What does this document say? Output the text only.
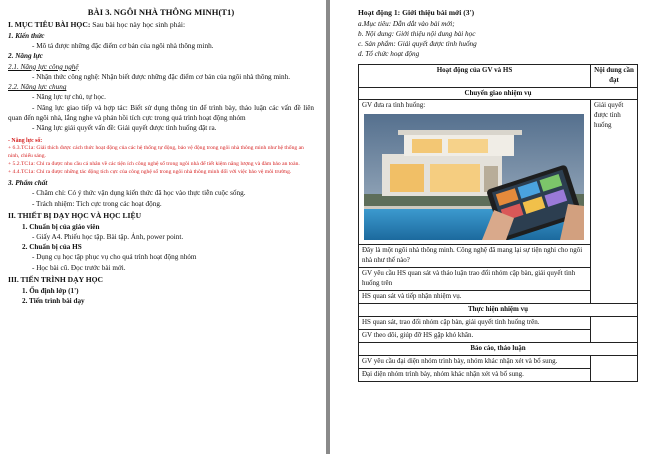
BÀI 3. NGÔI NHÀ THÔNG MINH(T1)
I. MỤC TIÊU BÀI HỌC: Sau bài học này học sinh phải:
1. Kiến thức
- Mô tả được những đặc điểm cơ bản của ngôi nhà thông minh.
2. Năng lực
2.1. Năng lực công nghệ
- Nhận thức công nghệ: Nhận biết được những đặc điểm cơ bản của ngôi nhà thông minh.
2.2. Năng lực chung
- Năng lực tự chủ, tự học.
- Năng lực giao tiếp và hợp tác: Biết sử dụng thông tin để trình bày, thảo luận các vấn đề liên quan đến ngôi nhà, lắng nghe và phản hồi tích cực trong quá trình hoạt động nhóm
- Năng lực giải quyết vấn đề: Giải quyết được tình huống đặt ra.
- Năng lực số:
+ 6.3.TC1a: Giải thích được cách thức hoạt động của các hệ thống tự động, bảo vệ động trong ngôi nhà thông minh như hệ thống an ninh, chiếu sáng.
+ 5.2.TC1a: Chỉ ra được nhu cầu cá nhân về các tiện ích công nghệ số trong ngôi nhà để tiết kiệm năng lượng và đảm bảo an toàn.
+ 4.4.TC1a: Chỉ ra được những tác động tích cực của công nghệ số trong ngôi nhà thông minh đối với việc bảo vệ môi trường.
3. Phẩm chất
- Chăm chỉ: Có ý thức vận dụng kiến thức đã học vào thực tiễn cuộc sống.
- Trách nhiệm: Tích cực trong các hoạt động.
II. THIẾT BỊ DẠY HỌC VÀ HỌC LIỆU
1. Chuẩn bị của giáo viên
- Giấy A4. Phiếu học tập. Bài tập. Ảnh, power point.
2. Chuẩn bị của HS
- Dụng cụ học tập phục vụ cho quá trình hoạt động nhóm
- Học bài cũ. Đọc trước bài mới.
III. TIẾN TRÌNH DẠY HỌC
1. Ổn định lớp (1')
2. Tiến trình bài dạy
Hoạt động 1: Giới thiệu bài mới (3')
a.Mục tiêu: Dẫn dắt vào bài mới;
b. Nội dung: Giới thiệu nội dung bài học
c. Sản phẩm: Giải quyết được tình huống
d. Tổ chức hoạt động
Hoạt động của GV và HS	Nội dung cần đạt
Chuyển giao nhiệm vụ	

GV đưa ra tình huống:	Giải quyết được tình huống
Đây là một ngôi nhà thông minh. Công nghệ đã mang lại sự tiện nghi cho ngôi nhà như thế nào?	
GV yêu cầu HS quan sát và thảo luận trao đổi nhóm cặp bàn, giải quyết tình huống trên	
HS quan sát và tiếp nhận nhiệm vụ.	
Thực hiện nhiệm vụ	
HS quan sát, trao đổi nhóm cặp bàn, giải quyết tình huống trên.	
GV theo dõi, giúp đỡ HS gặp khó khăn.	
Báo cáo, thảo luận	
GV yêu cầu đại diện nhóm trình bày, nhóm khác nhận xét và bổ sung.	
Đại diện nhóm trình bày, nhóm khác nhận xét và bổ sung.	
